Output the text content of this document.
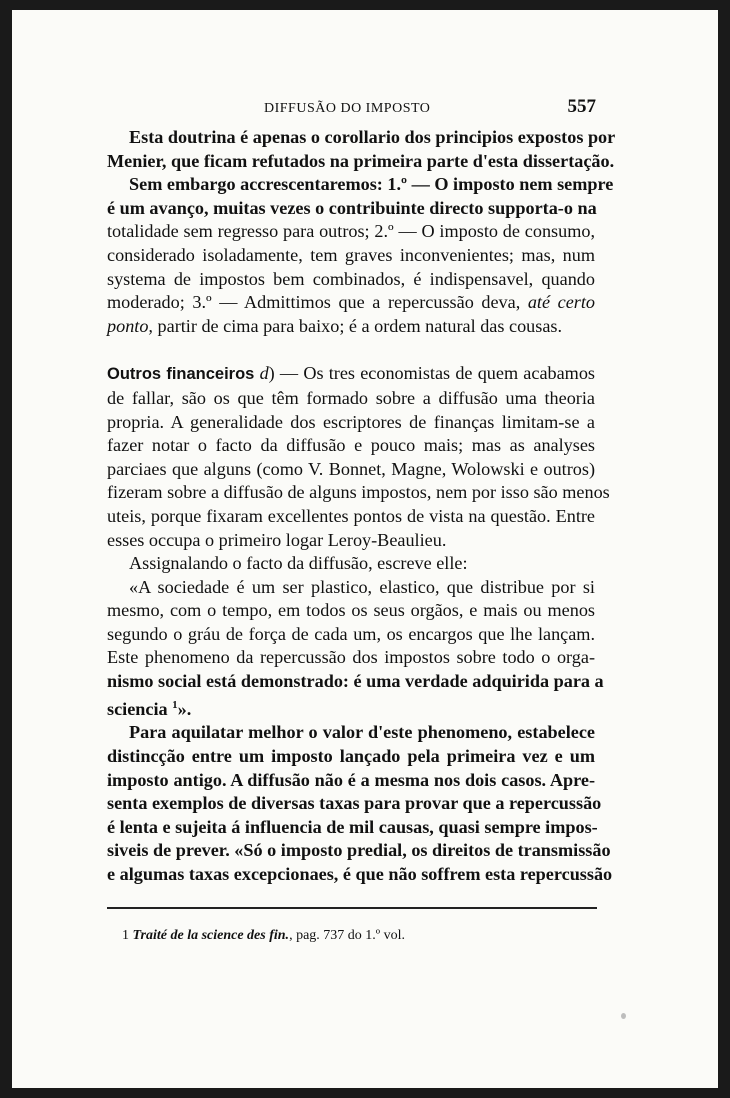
DIFFUSÃO DO IMPOSTO	557
Esta doutrina é apenas o corollario dos principios expostos por
Menier, que ficam refutados na primeira parte d'esta dissertação.
Sem embargo accrescentaremos: 1.º — O imposto nem sempre
é um avanço, muitas vezes o contribuinte directo supporta-o na
totalidade sem regresso para outros; 2.º — O imposto de consumo,
considerado isoladamente, tem graves inconvenientes; mas, num
systema de impostos bem combinados, é indispensavel, quando
moderado; 3.º — Admittimos que a repercussão deva, até certo
ponto, partir de cima para baixo; é a ordem natural das cousas.
Outros financeiros d) — Os tres economistas de quem acabamos
de fallar, são os que têm formado sobre a diffusão uma theoria
propria. A generalidade dos escriptores de finanças limitam-se a
fazer notar o facto da diffusão e pouco mais; mas as analyses
parciaes que alguns (como V. Bonnet, Magne, Wolowski e outros)
fizeram sobre a diffusão de alguns impostos, nem por isso são menos
uteis, porque fixaram excellentes pontos de vista na questão. Entre
esses occupa o primeiro logar Leroy-Beaulieu.
Assignalando o facto da diffusão, escreve elle:
«A sociedade é um ser plastico, elastico, que distribue por si
mesmo, com o tempo, em todos os seus orgãos, e mais ou menos
segundo o gráu de força de cada um, os encargos que lhe lançam.
Este phenomeno da repercussão dos impostos sobre todo o orga-
nismo social está demonstrado: é uma verdade adquirida para a
sciencia $^1$».
Para aquilatar melhor o valor d'este phenomeno, estabelece
distincção entre um imposto lançado pela primeira vez e um
imposto antigo. A diffusão não é a mesma nos dois casos. Apre-
senta exemplos de diversas taxas para provar que a repercussão
é lenta e sujeita á influencia de mil causas, quasi sempre impos-
siveis de prever. «Só o imposto predial, os direitos de transmissão
e algumas taxas excepcionaes, é que não soffrem esta repercussão
1 Traité de la science des fin., pag. 737 do 1.º vol.
